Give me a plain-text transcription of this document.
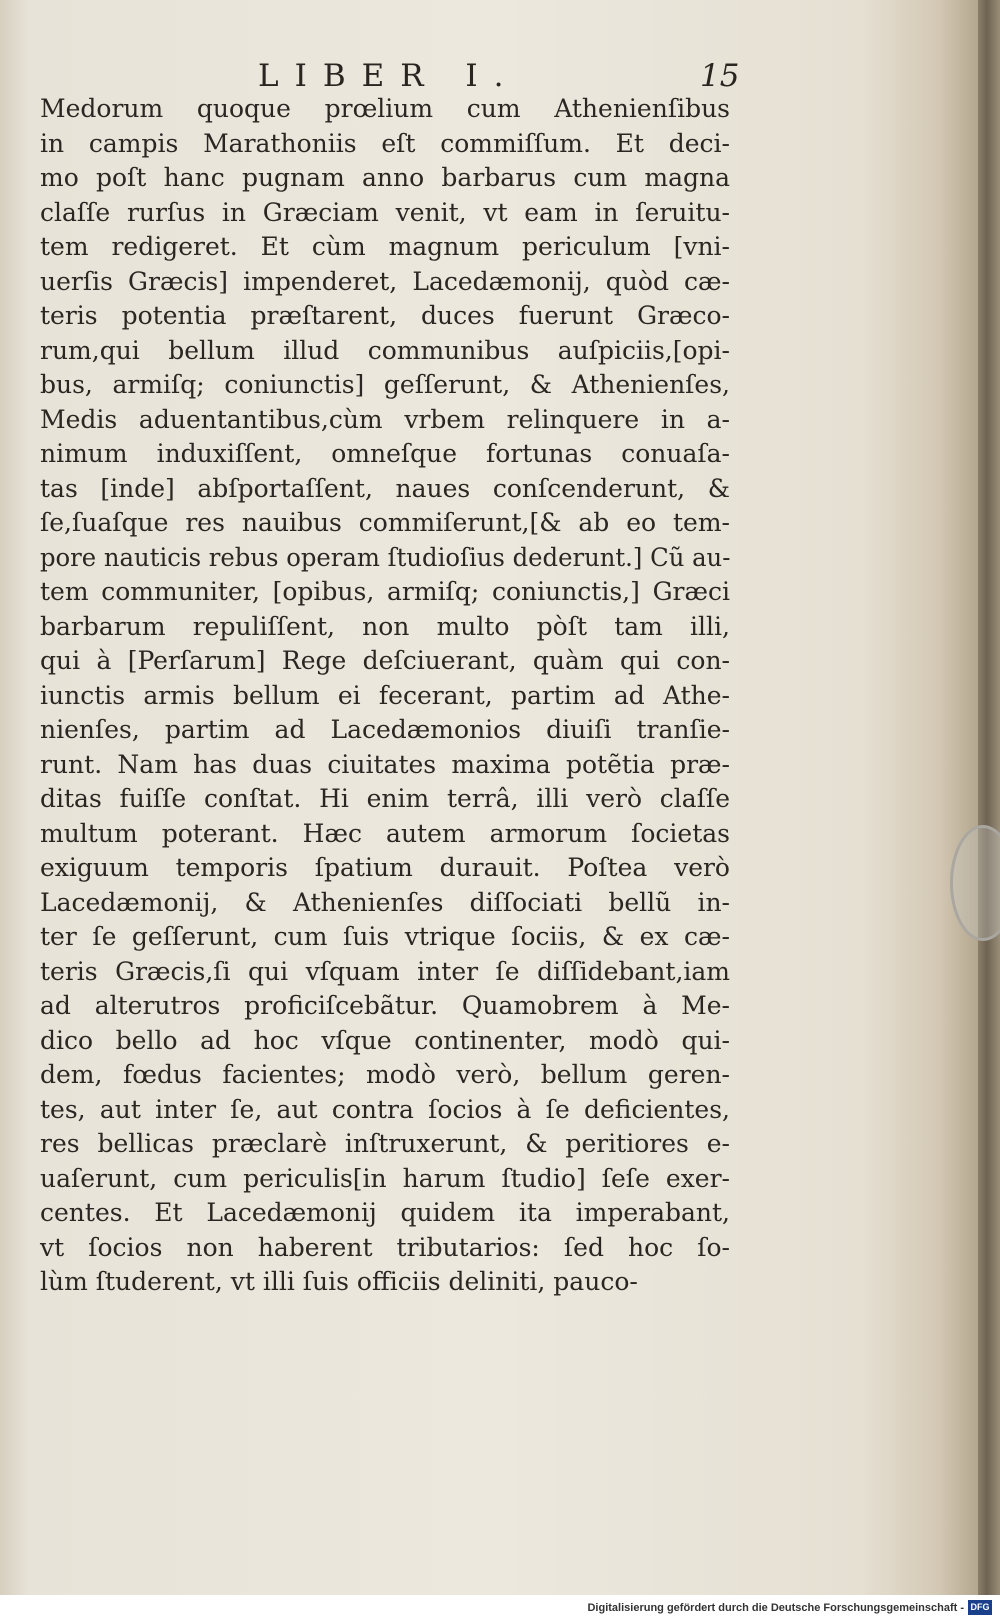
LIBER I.	15
Medorum quoque prœlium cum Athenienſibus
in campis Marathoniis eſt commiſſum. Et deci-
mo poſt hanc pugnam anno barbarus cum magna
claſſe rurſus in Græciam venit, vt eam in ſeruitu-
tem redigeret. Et cùm magnum periculum [vni-
uerſis Græcis] impenderet, Lacedæmonij, quòd cæ-
teris potentia præſtarent, duces fuerunt Græco-
rum,qui bellum illud communibus auſpiciis,[opi-
bus, armiſq; coniunctis] geſſerunt, & Athenienſes,
Medis aduentantibus,cùm vrbem relinquere in a-
nimum induxiſſent, omneſque fortunas conuaſa-
tas [inde] abſportaſſent, naues conſcenderunt, &
ſe,ſuaſque res nauibus commiſerunt,[& ab eo tem-
pore nauticis rebus operam ſtudioſius dederunt.] Cũ au-
tem communiter, [opibus, armiſq; coniunctis,] Græci
barbarum repuliſſent, non multo pòſt tam illi,
qui à [Perſarum] Rege deſciuerant, quàm qui con-
iunctis armis bellum ei fecerant, partim ad Athe-
nienſes, partim ad Lacedæmonios diuiſi tranſie-
runt. Nam has duas ciuitates maxima potẽtia præ-
ditas fuiſſe conſtat. Hi enim terrâ, illi verò claſſe
multum poterant. Hæc autem armorum ſocietas
exiguum temporis ſpatium durauit. Poſtea verò
Lacedæmonij, & Athenienſes diſſociati bellũ in-
ter ſe geſſerunt, cum ſuis vtrique ſociis, & ex cæ-
teris Græcis,ſi qui vſquam inter ſe diſſidebant,iam
ad alterutros proficiſcebãtur. Quamobrem à Me-
dico bello ad hoc vſque continenter, modò qui-
dem, fœdus facientes; modò verò, bellum geren-
tes, aut inter ſe, aut contra ſocios à ſe deficientes,
res bellicas præclarè inſtruxerunt, & peritiores e-
uaſerunt, cum periculis[in harum ſtudio] ſeſe exer-
centes. Et Lacedæmonij quidem ita imperabant,
vt ſocios non haberent tributarios: ſed hoc ſo-
lùm ſtuderent, vt illi ſuis officiis deliniti, pauco-
Digitalisierung gefördert durch die Deutsche Forschungsgemeinschaft - DFG
